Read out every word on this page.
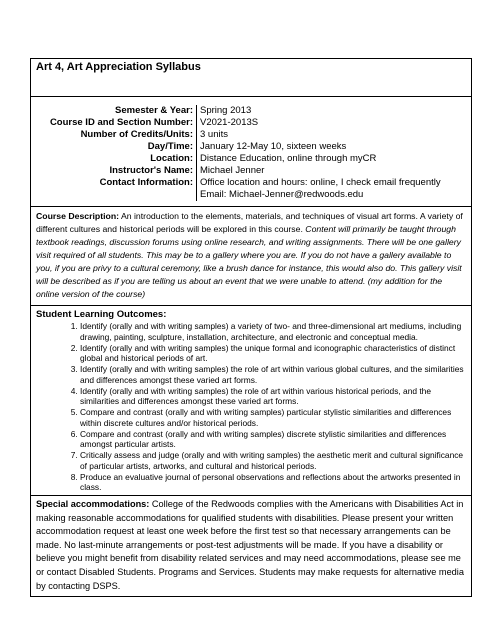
Art 4, Art Appreciation Syllabus
Semester & Year: Spring 2013
Course ID and Section Number: V2021-2013S
Number of Credits/Units: 3 units
Day/Time: January 12-May 10, sixteen weeks
Location: Distance Education, online through myCR
Instructor's Name: Michael Jenner
Contact Information: Office location and hours: online, I check email frequently
Email: Michael-Jenner@redwoods.edu
Course Description: An introduction to the elements, materials, and techniques of visual art forms. A variety of different cultures and historical periods will be explored in this course. Content will primarily be taught through textbook readings, discussion forums using online research, and writing assignments. There will be one gallery visit required of all students. This may be to a gallery where you are. If you do not have a gallery available to you, if you are privy to a cultural ceremony, like a brush dance for instance, this would also do. This gallery visit will be described as if you are telling us about an event that we were unable to attend. (my addition for the online version of the course)
Student Learning Outcomes:
1. Identify (orally and with writing samples) a variety of two- and three-dimensional art mediums, including drawing, painting, sculpture, installation, architecture, and electronic and conceptual media.
2. Identify (orally and with writing samples) the unique formal and iconographic characteristics of distinct global and historical periods of art.
3. Identify (orally and with writing samples) the role of art within various global cultures, and the similarities and differences amongst these varied art forms.
4. Identify (orally and with writing samples) the role of art within various historical periods, and the similarities and differences amongst these varied art forms.
5. Compare and contrast (orally and with writing samples) particular stylistic similarities and differences within discrete cultures and/or historical periods.
6. Compare and contrast (orally and with writing samples) discrete stylistic similarities and differences amongst particular artists.
7. Critically assess and judge (orally and with writing samples) the aesthetic merit and cultural significance of particular artists, artworks, and cultural and historical periods.
8. Produce an evaluative journal of personal observations and reflections about the artworks presented in class.
Special accommodations: College of the Redwoods complies with the Americans with Disabilities Act in making reasonable accommodations for qualified students with disabilities. Please present your written accommodation request at least one week before the first test so that necessary arrangements can be made. No last-minute arrangements or post-test adjustments will be made. If you have a disability or believe you might benefit from disability related services and may need accommodations, please see me or contact Disabled Students. Programs and Services. Students may make requests for alternative media by contacting DSPS.
